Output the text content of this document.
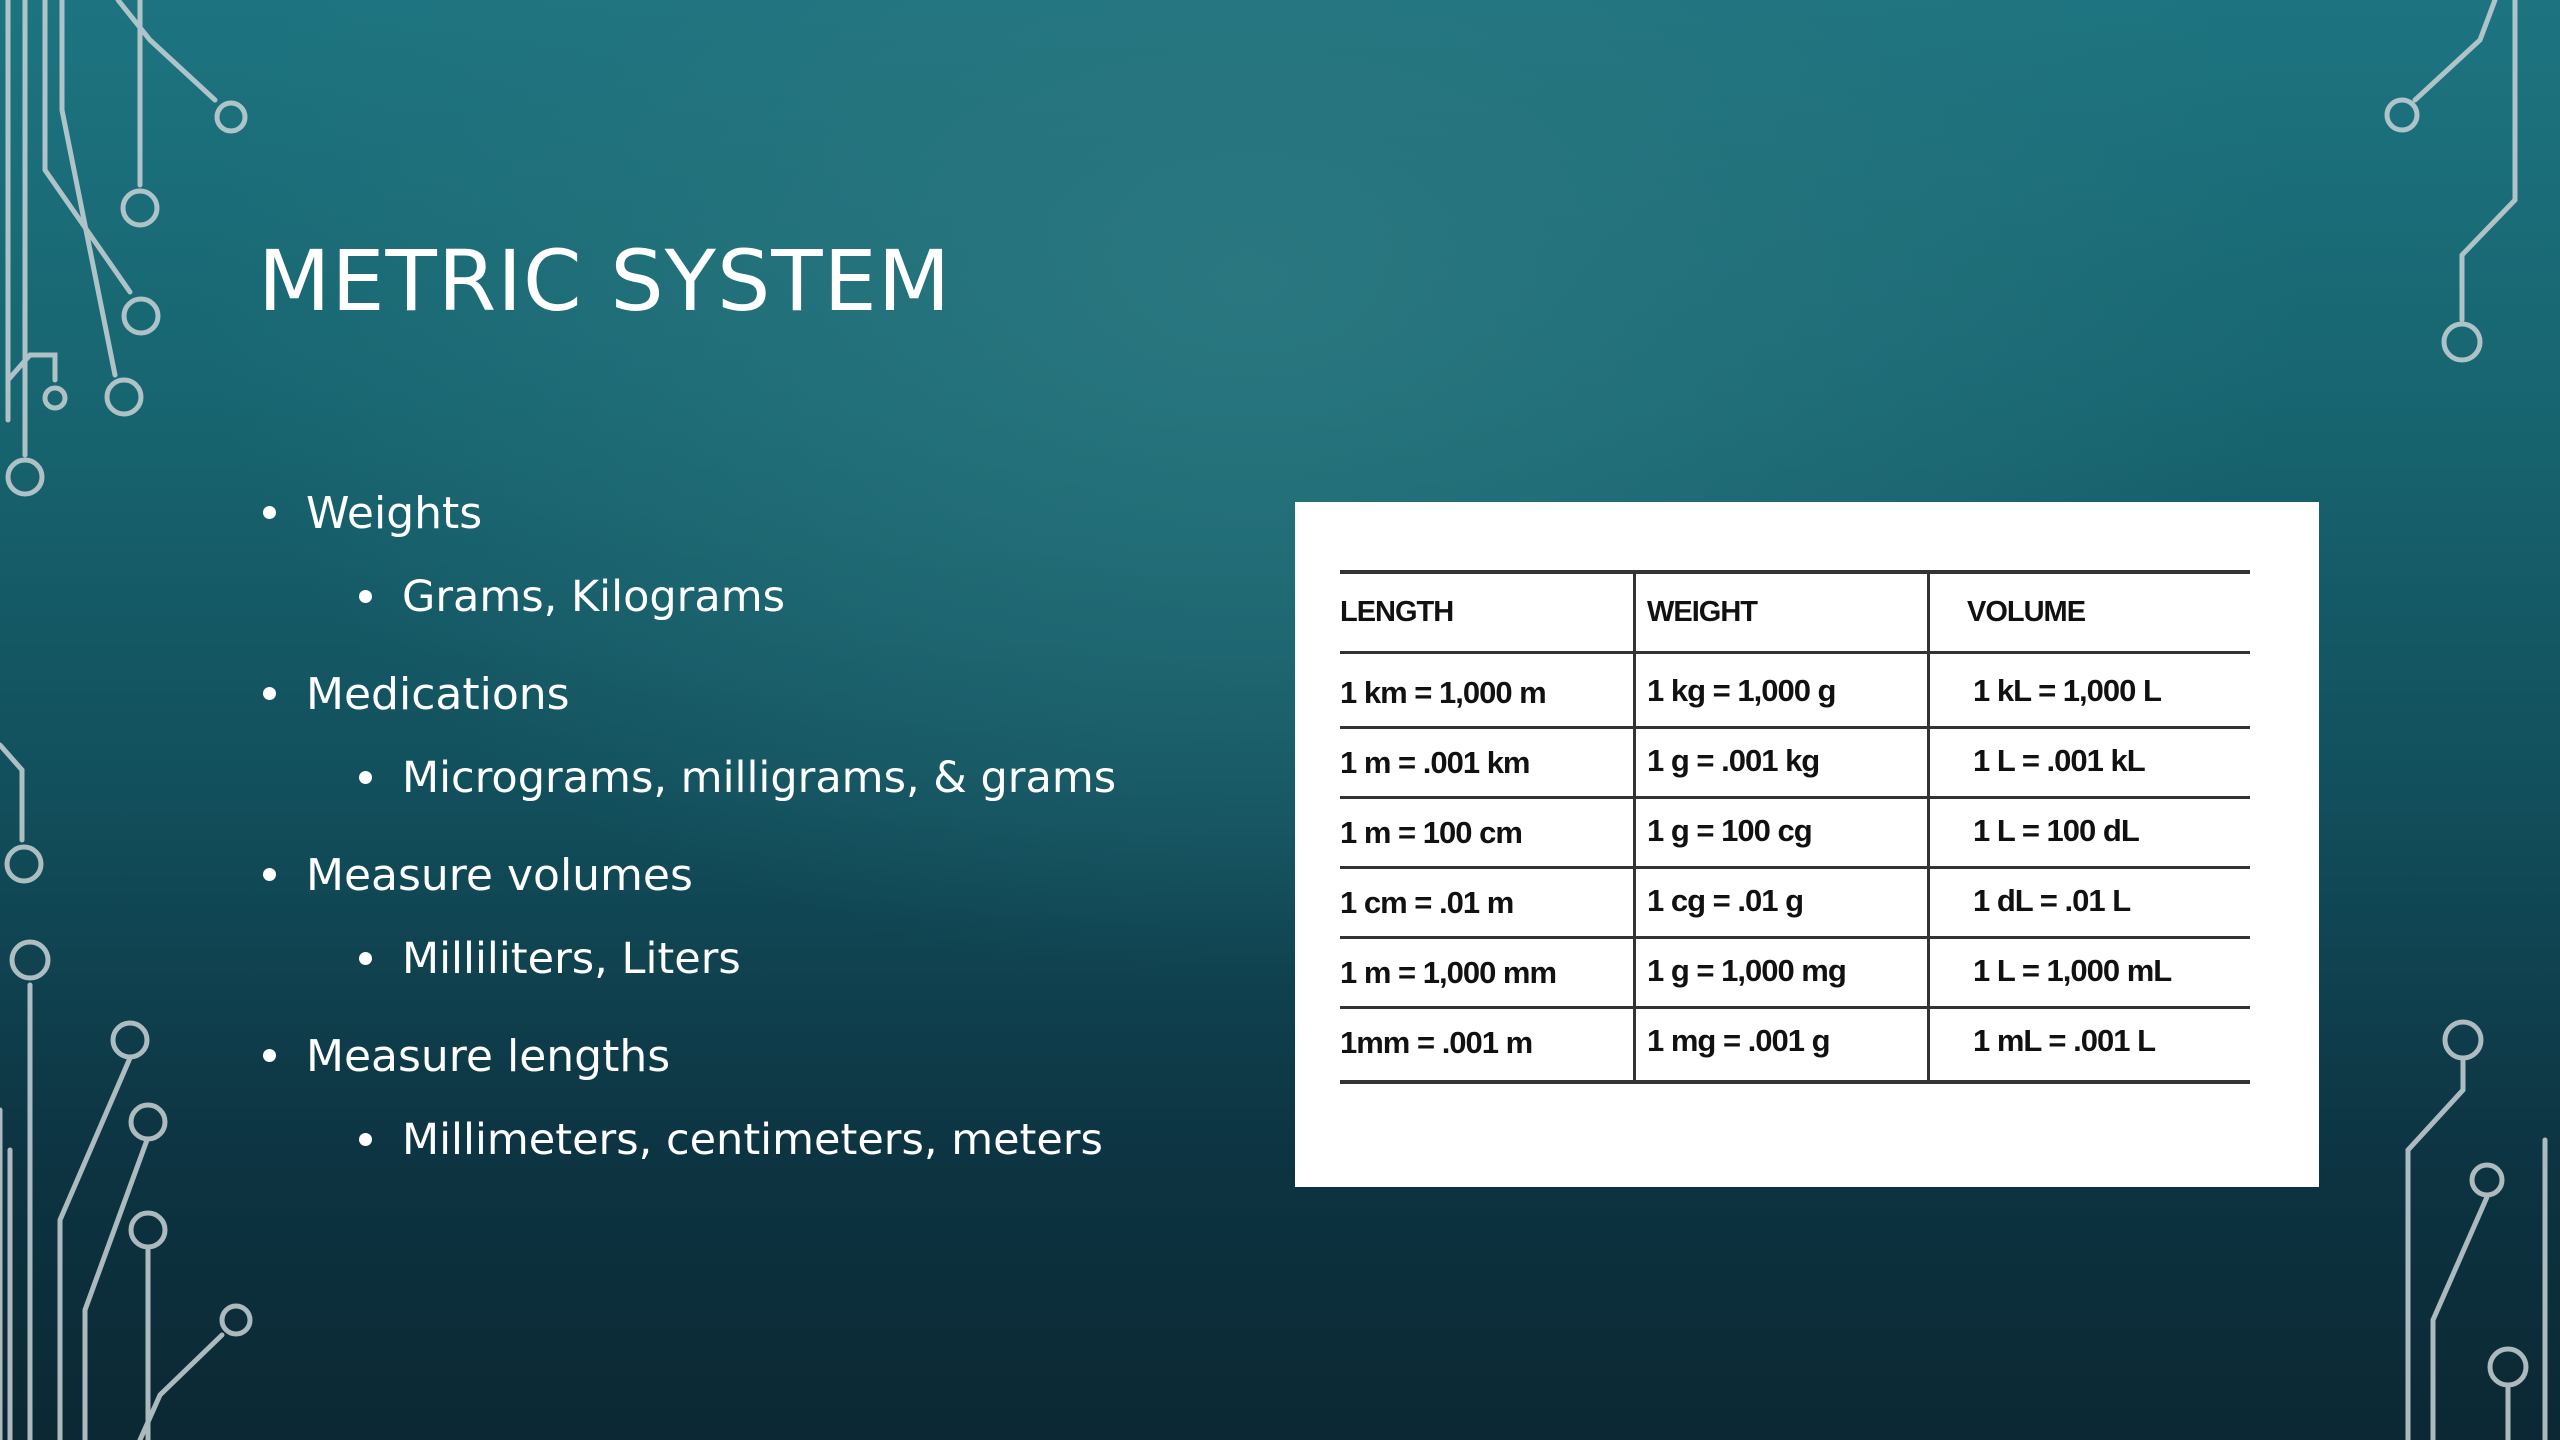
METRIC SYSTEM
Weights
Grams, Kilograms
Medications
Micrograms, milligrams, & grams
Measure volumes
Milliliters, Liters
Measure lengths
Millimeters, centimeters, meters
LENGTH	WEIGHT	VOLUME
1 km = 1,000 m	1 kg = 1,000 g	1 kL = 1,000 L
1 m = .001 km	1 g = .001 kg	1 L = .001 kL
1 m = 100 cm	1 g = 100 cg	1 L = 100 dL
1 cm = .01 m	1 cg = .01 g	1 dL = .01 L
1 m = 1,000 mm	1 g = 1,000 mg	1 L = 1,000 mL
1mm = .001 m	1 mg = .001 g	1 mL = .001 L
